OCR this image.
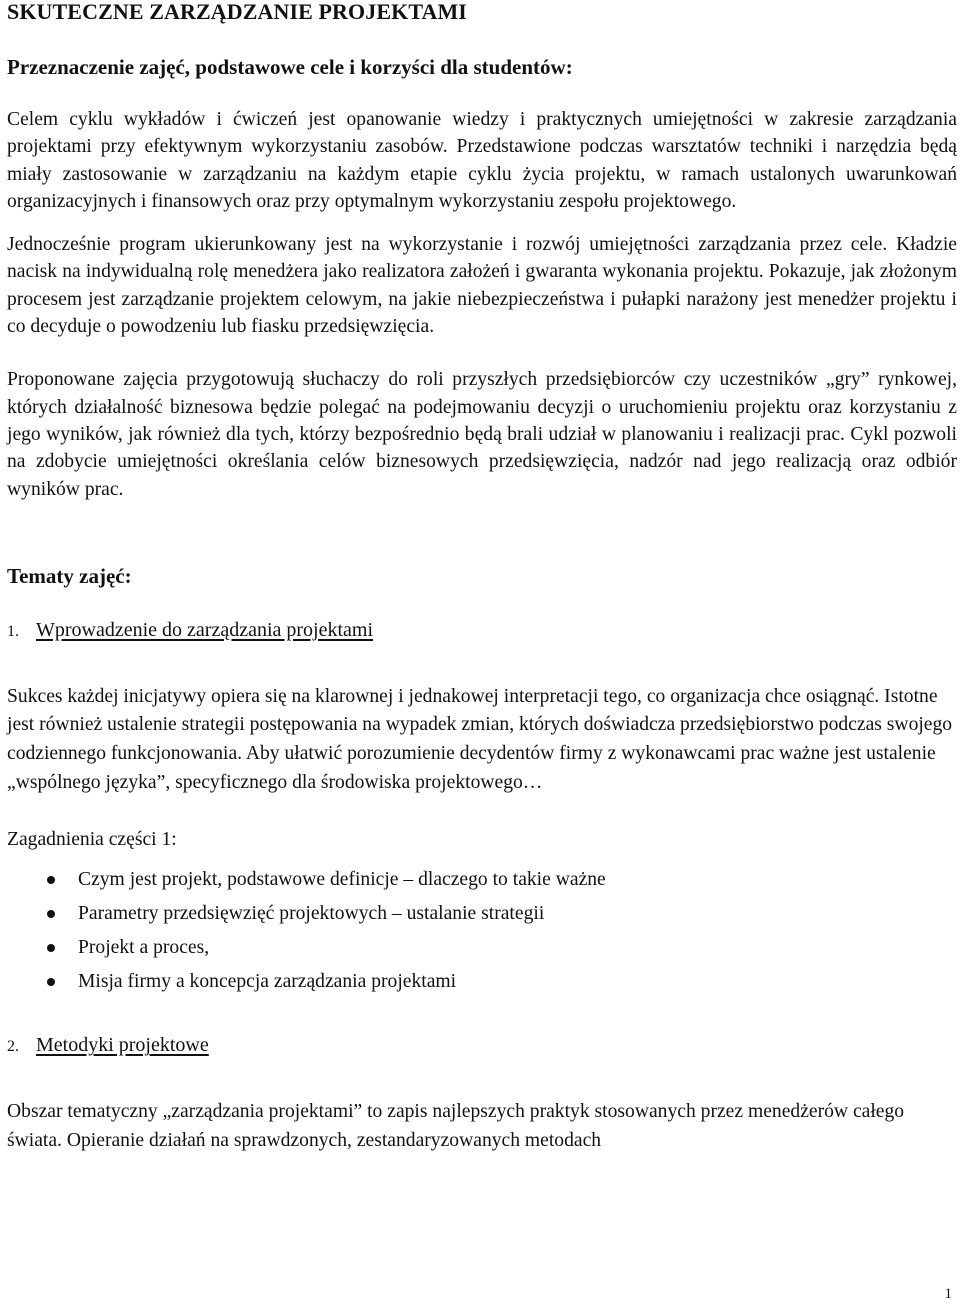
SKUTECZNE ZARZĄDZANIE PROJEKTAMI
Przeznaczenie zajęć, podstawowe cele i korzyści dla studentów:

Celem cyklu wykładów i ćwiczeń jest opanowanie wiedzy i praktycznych umiejętności w zakresie zarządzania projektami przy efektywnym wykorzystaniu zasobów. Przedstawione podczas warsztatów techniki i narzędzia będą miały zastosowanie w zarządzaniu na każdym etapie cyklu życia projektu, w ramach ustalonych uwarunkowań organizacyjnych i finansowych oraz przy optymalnym wykorzystaniu zespołu projektowego.

Jednocześnie program ukierunkowany jest na wykorzystanie i rozwój umiejętności zarządzania przez cele. Kładzie nacisk na indywidualną rolę menedżera jako realizatora założeń i gwaranta wykonania projektu. Pokazuje, jak złożonym procesem jest zarządzanie projektem celowym, na jakie niebezpieczeństwa i pułapki narażony jest menedżer projektu i co decyduje o powodzeniu lub fiasku przedsięwzięcia.

Proponowane zajęcia przygotowują słuchaczy do roli przyszłych przedsiębiorców czy uczestników „gry” rynkowej, których działalność biznesowa będzie polegać na podejmowaniu decyzji o uruchomieniu projektu oraz korzystaniu z jego wyników, jak również dla tych, którzy bezpośrednio będą brali udział w planowaniu i realizacji prac. Cykl pozwoli na zdobycie umiejętności określania celów biznesowych przedsięwzięcia, nadzór nad jego realizacją oraz odbiór wyników prac.

Tematy zajęć:
1. Wprowadzenie do zarządzania projektami

Sukces każdej inicjatywy opiera się na klarownej i jednakowej interpretacji tego, co organizacja chce osiągnąć. Istotne jest również ustalenie strategii postępowania na wypadek zmian, których doświadcza przedsiębiorstwo podczas swojego codziennego funkcjonowania. Aby ułatwić porozumienie decydentów firmy z wykonawcami prac ważne jest ustalenie „wspólnego języka”, specyficznego dla środowiska projektowego…

Zagadnienia części 1:
Czym jest projekt, podstawowe definicje – dlaczego to takie ważne
Parametry przedsięwzięć projektowych – ustalanie strategii
Projekt a proces,
Misja firmy a koncepcja zarządzania projektami
2. Metodyki projektowe

Obszar tematyczny „zarządzania projektami” to zapis najlepszych praktyk stosowanych przez menedżerów całego świata. Opieranie działań na sprawdzonych, zestandaryzowanych metodach

1
